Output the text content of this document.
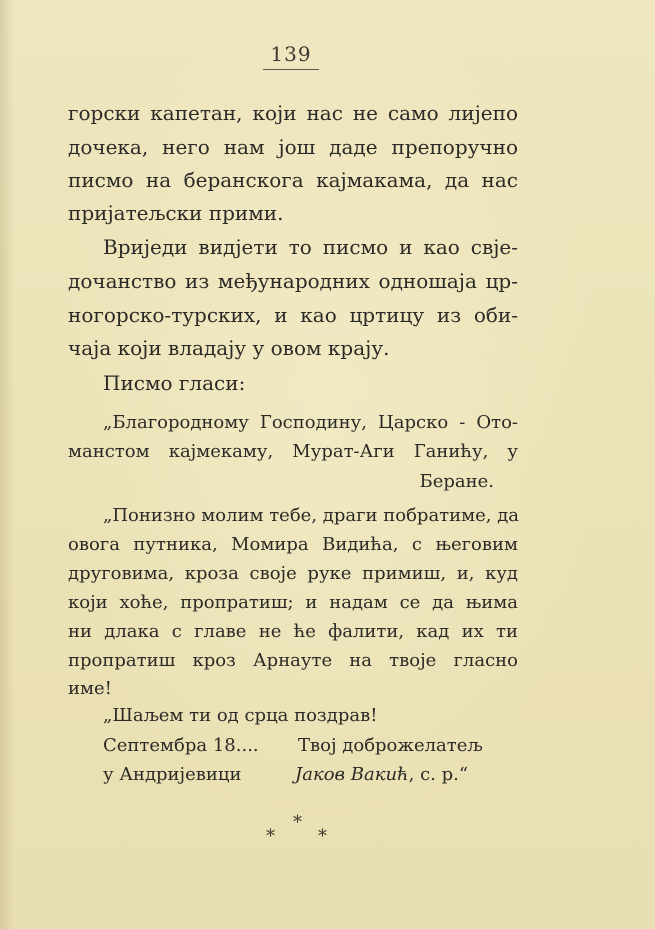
139
горски капетан, који нас не само лијепо
дочека, него нам још даде препоручно
писмо на беранскога кајмакама, да нас
пријатељски прими.
Вриједи видјети то писмо и као свје-
дочанство из међународних одношаја цр-
ногорско-турских, и као цртицу из оби-
чаја који владају у овом крају.
Писмо гласи:
„Благородному Господину, Царско - Ото-
манстом кајмекаму, Мурат-Аги Ганићу, у
Беране.
„Понизно молим тебе, драги побратиме, да
овога путника, Момира Видића, с његовим
друговима, кроза своје руке примиш, и, куд
који хоће, пропратиш; и надам се да њима
ни длака с главе не ће фалити, кад их ти
пропратиш кроз Арнауте на твоје гласно
име!
„Шаљем ти од срца поздрав!
Септембра 18.... Твој доброжелатељ
у Андријевици	Јаков Вакић, с. р.“
*
* *
